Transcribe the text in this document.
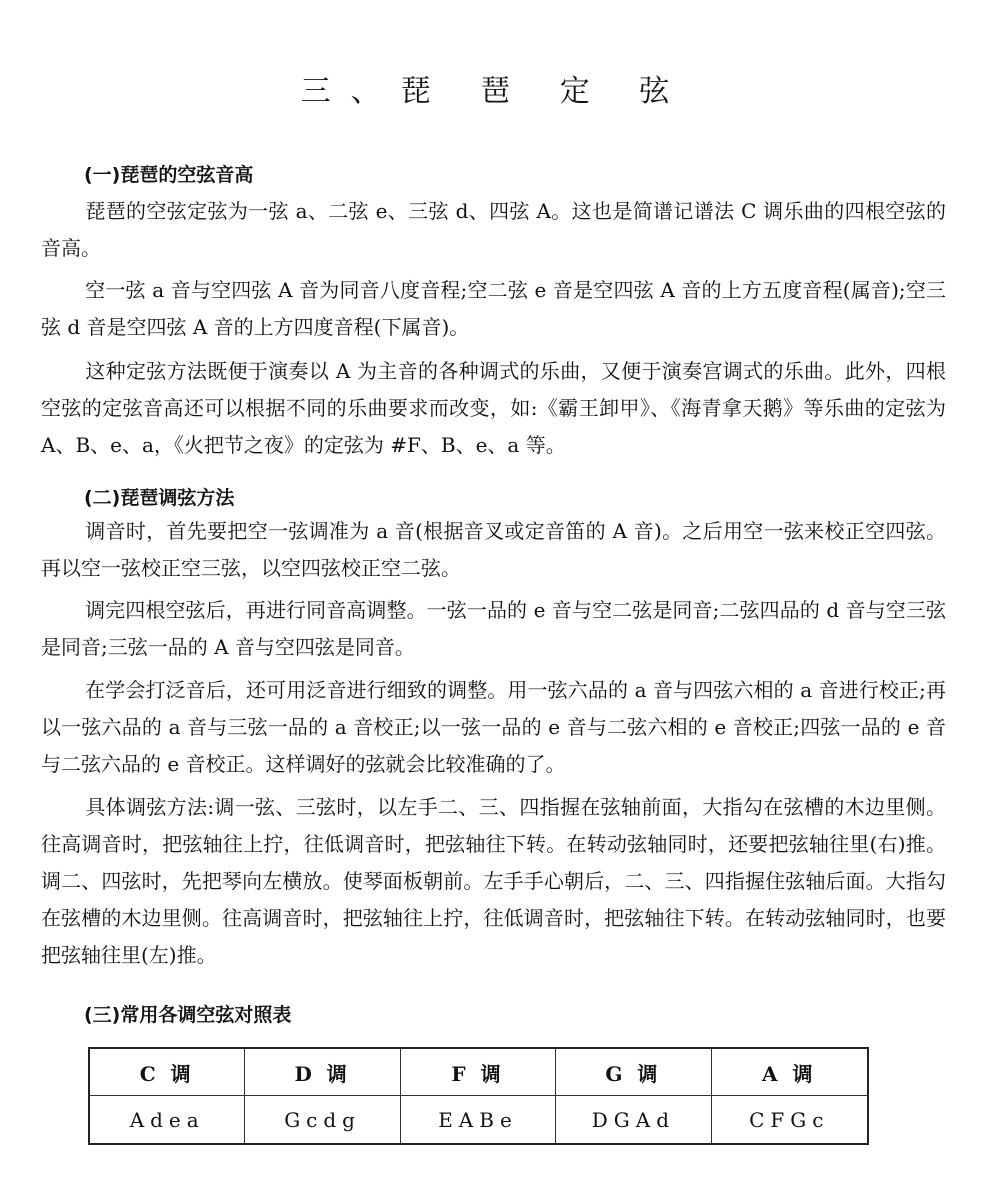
三、琵 琶 定 弦
(一)琵琶的空弦音高

琵琶的空弦定弦为一弦 a、二弦 e、三弦 d、四弦 A。这也是简谱记谱法 C 调乐曲的四根空弦的音高。

空一弦 a 音与空四弦 A 音为同音八度音程;空二弦 e 音是空四弦 A 音的上方五度音程(属音);空三弦 d 音是空四弦 A 音的上方四度音程(下属音)。

这种定弦方法既便于演奏以 A 为主音的各种调式的乐曲，又便于演奏宫调式的乐曲。此外，四根空弦的定弦音高还可以根据不同的乐曲要求而改变，如:《霸王卸甲》、《海青拿天鹅》等乐曲的定弦为 A、B、e、a，《火把节之夜》的定弦为 #F、B、e、a 等。

(二)琵琶调弦方法

调音时，首先要把空一弦调准为 a 音(根据音叉或定音笛的 A 音)。之后用空一弦来校正空四弦。再以空一弦校正空三弦，以空四弦校正空二弦。

调完四根空弦后，再进行同音高调整。一弦一品的 e 音与空二弦是同音;二弦四品的 d 音与空三弦是同音;三弦一品的 A 音与空四弦是同音。

在学会打泛音后，还可用泛音进行细致的调整。用一弦六品的 a 音与四弦六相的 a 音进行校正;再以一弦六品的 a 音与三弦一品的 a 音校正;以一弦一品的 e 音与二弦六相的 e 音校正;四弦一品的 e 音与二弦六品的 e 音校正。这样调好的弦就会比较准确的了。

具体调弦方法:调一弦、三弦时，以左手二、三、四指握在弦轴前面，大指勾在弦槽的木边里侧。往高调音时，把弦轴往上拧，往低调音时，把弦轴往下转。在转动弦轴同时，还要把弦轴往里(右)推。调二、四弦时，先把琴向左横放。使琴面板朝前。左手手心朝后，二、三、四指握住弦轴后面。大指勾在弦槽的木边里侧。往高调音时，把弦轴往上拧，往低调音时，把弦轴往下转。在转动弦轴同时，也要把弦轴往里(左)推。

(三)常用各调空弦对照表
C 调	D 调	F 调	G 调	A 调
Adea	Gcdg	EABe	DGAd	CFGc
